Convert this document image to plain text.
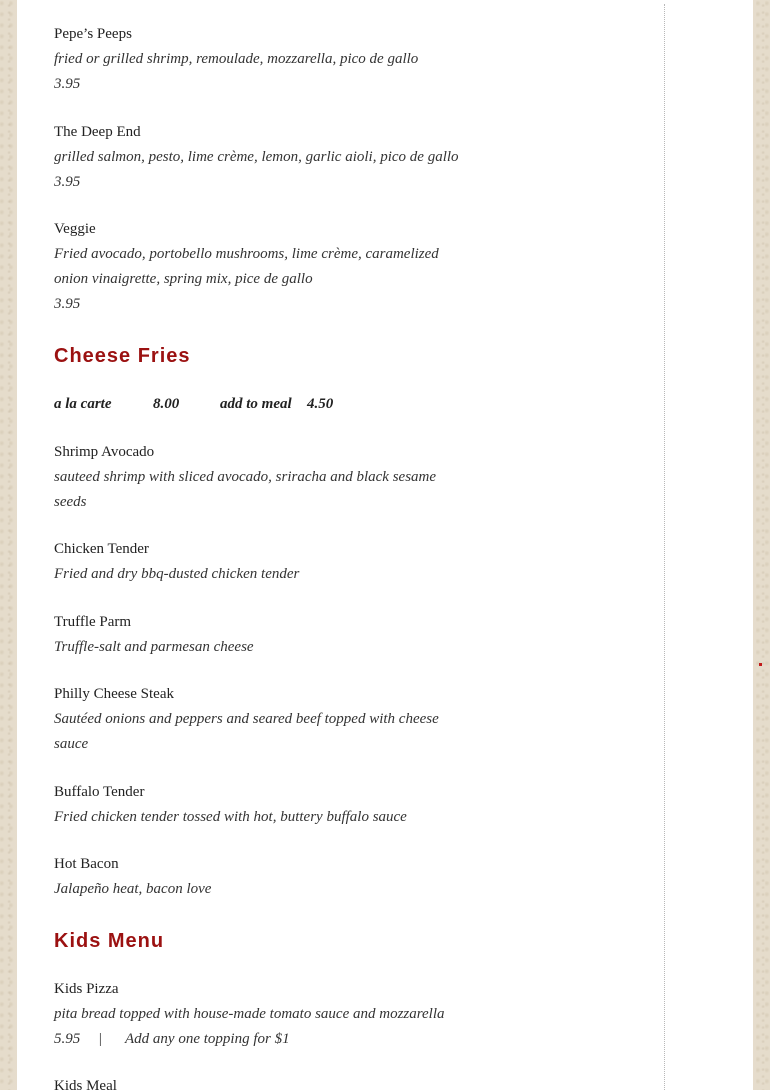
Pepe’s Peeps

fried or grilled shrimp, remoulade, mozzarella, pico de gallo

3.95

The Deep End

grilled salmon, pesto, lime crème, lemon, garlic aioli, pico de gallo

3.95

Veggie

Fried avocado, portobello mushrooms, lime crème, caramelized onion vinaigrette, spring mix, pice de gallo

3.95

Cheese Fries

a la carte	8.00	add to meal 4.50

Shrimp Avocado

sauteed shrimp with sliced avocado, sriracha and black sesame seeds

Chicken Tender

Fried and dry bbq-dusted chicken tender

Truffle Parm

Truffle-salt and parmesan cheese

Philly Cheese Steak

Sautéed onions and peppers and seared beef topped with cheese sauce

Buffalo Tender

Fried chicken tender tossed with hot, buttery buffalo sauce

Hot Bacon

Jalapeño heat, bacon love

Kids Menu

Kids Pizza

pita bread topped with house-made tomato sauce and mozzarella

5.95 | Add any one topping for $1

Kids Meal
